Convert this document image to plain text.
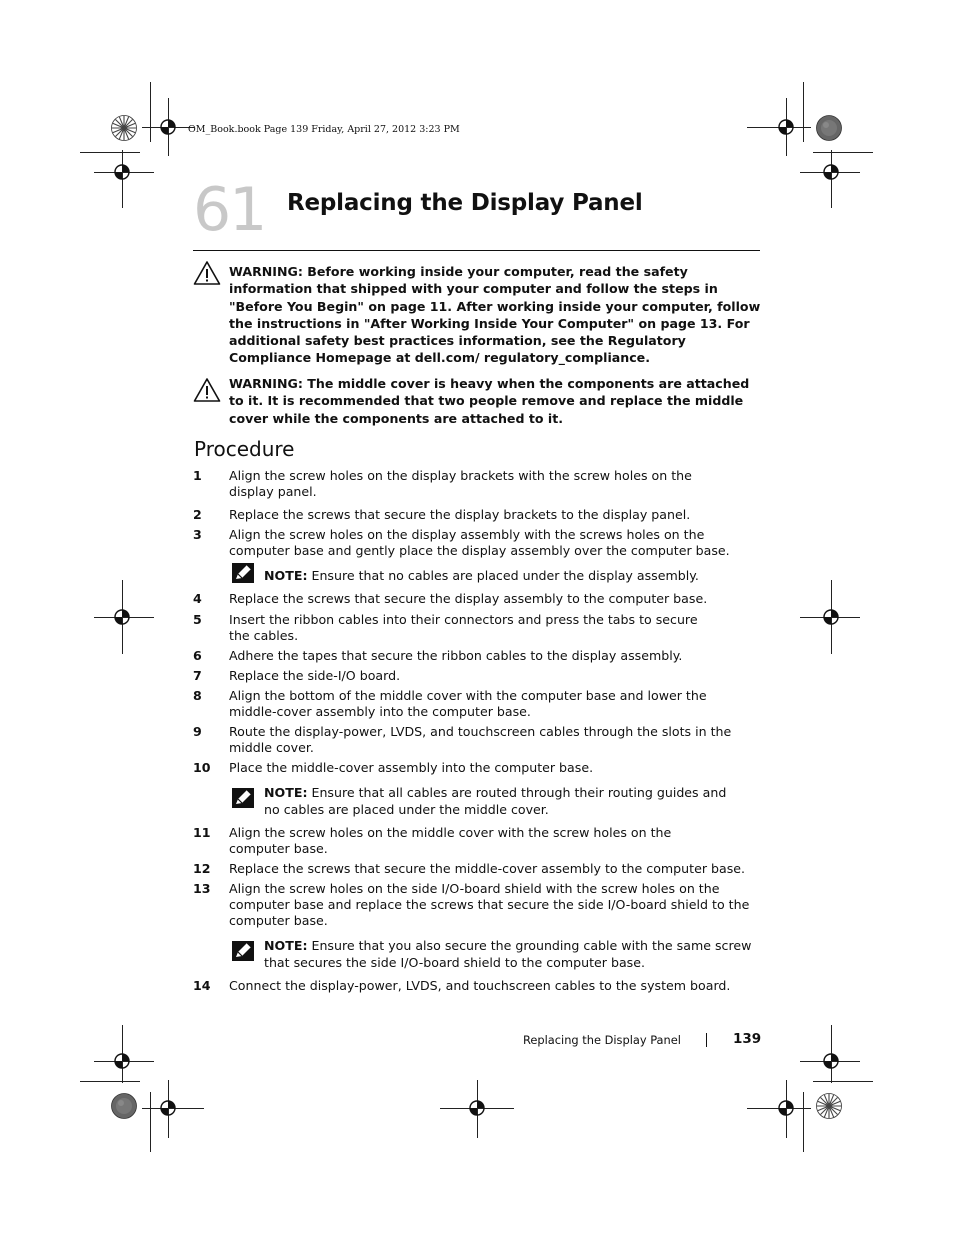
OM_Book.book Page 139 Friday, April 27, 2012 3:23 PM
61 Replacing the Display Panel
WARNING: Before working inside your computer, read the safety information that shipped with your computer and follow the steps in "Before You Begin" on page 11. After working inside your computer, follow the instructions in "After Working Inside Your Computer" on page 13. For additional safety best practices information, see the Regulatory Compliance Homepage at dell.com/ regulatory_compliance.
WARNING: The middle cover is heavy when the components are attached to it. It is recommended that two people remove and replace the middle cover while the components are attached to it.
Procedure
1 Align the screw holes on the display brackets with the screw holes on the display panel.
2 Replace the screws that secure the display brackets to the display panel.
3 Align the screw holes on the display assembly with the screws holes on the computer base and gently place the display assembly over the computer base.
NOTE: Ensure that no cables are placed under the display assembly.
4 Replace the screws that secure the display assembly to the computer base.
5 Insert the ribbon cables into their connectors and press the tabs to secure the cables.
6 Adhere the tapes that secure the ribbon cables to the display assembly.
7 Replace the side-I/O board.
8 Align the bottom of the middle cover with the computer base and lower the middle-cover assembly into the computer base.
9 Route the display-power, LVDS, and touchscreen cables through the slots in the middle cover.
10 Place the middle-cover assembly into the computer base.
NOTE: Ensure that all cables are routed through their routing guides and no cables are placed under the middle cover.
11 Align the screw holes on the middle cover with the screw holes on the computer base.
12 Replace the screws that secure the middle-cover assembly to the computer base.
13 Align the screw holes on the side I/O-board shield with the screw holes on the computer base and replace the screws that secure the side I/O-board shield to the computer base.
NOTE: Ensure that you also secure the grounding cable with the same screw that secures the side I/O-board shield to the computer base.
14 Connect the display-power, LVDS, and touchscreen cables to the system board.
Replacing the Display Panel	139
